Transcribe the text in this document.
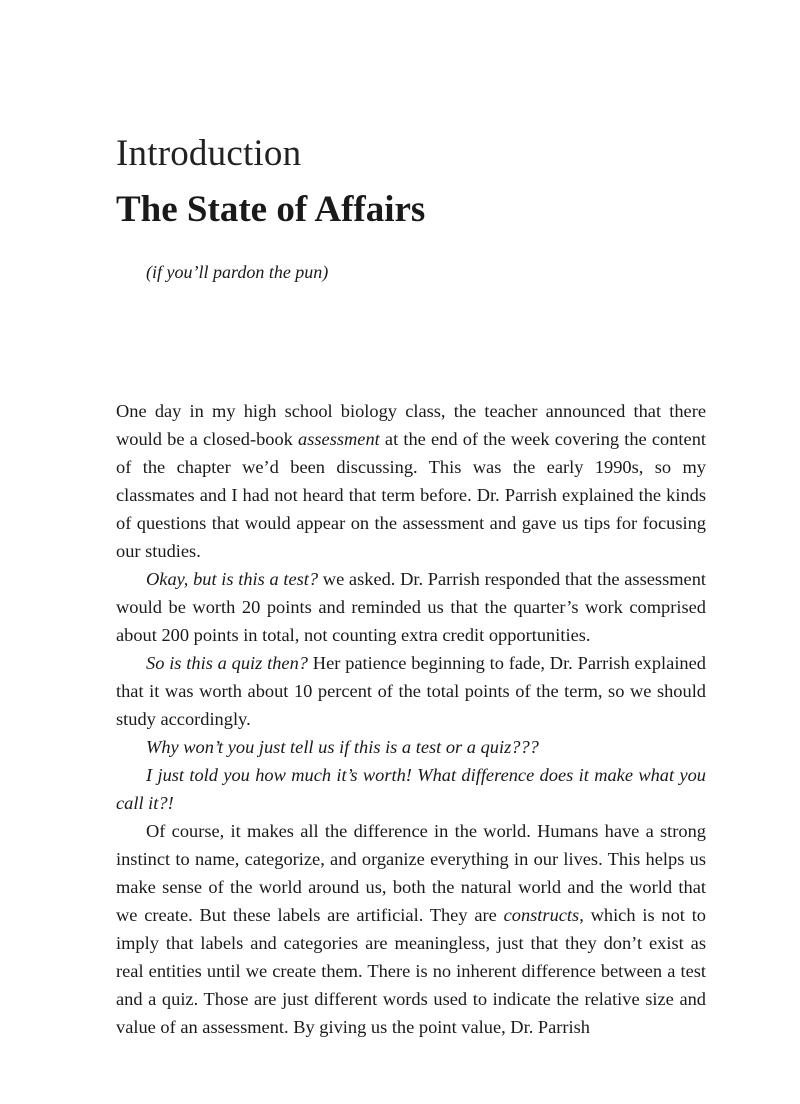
Introduction
The State of Affairs

(if you’ll pardon the pun)

One day in my high school biology class, the teacher announced that there would be a closed-book assessment at the end of the week covering the content of the chapter we’d been discussing. This was the early 1990s, so my classmates and I had not heard that term before. Dr. Parrish explained the kinds of questions that would appear on the assessment and gave us tips for focusing our studies.

Okay, but is this a test? we asked. Dr. Parrish responded that the assessment would be worth 20 points and reminded us that the quarter’s work comprised about 200 points in total, not counting extra credit opportunities.

So is this a quiz then? Her patience beginning to fade, Dr. Parrish explained that it was worth about 10 percent of the total points of the term, so we should study accordingly.

Why won’t you just tell us if this is a test or a quiz???

I just told you how much it’s worth! What difference does it make what you call it?!

Of course, it makes all the difference in the world. Humans have a strong instinct to name, categorize, and organize everything in our lives. This helps us make sense of the world around us, both the natural world and the world that we create. But these labels are artificial. They are constructs, which is not to imply that labels and categories are meaningless, just that they don’t exist as real entities until we create them. There is no inherent difference between a test and a quiz. Those are just different words used to indicate the relative size and value of an assessment. By giving us the point value, Dr. Parrish
